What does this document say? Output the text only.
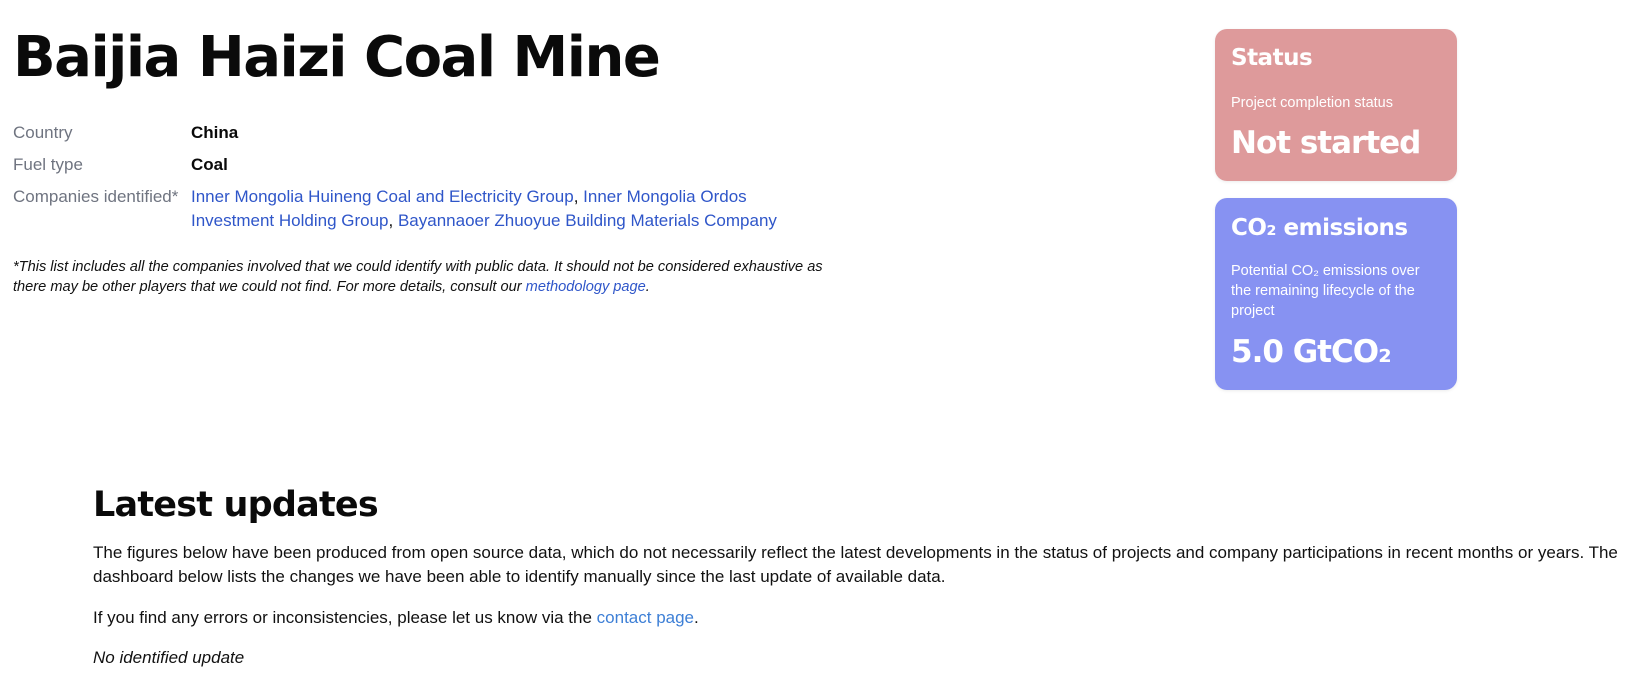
Baijia Haizi Coal Mine
Country	China
Fuel type	Coal
Companies identified* Inner Mongolia Huineng Coal and Electricity Group, Inner Mongolia Ordos Investment Holding Group, Bayannaoer Zhuoyue Building Materials Company
*This list includes all the companies involved that we could identify with public data. It should not be considered exhaustive as there may be other players that we could not find. For more details, consult our methodology page.
Status
Project completion status
Not started
CO₂ emissions
Potential CO₂ emissions over the remaining lifecycle of the project
5.0 GtCO₂
Latest updates

The figures below have been produced from open source data, which do not necessarily reflect the latest developments in the status of projects and company participations in recent months or years. The dashboard below lists the changes we have been able to identify manually since the last update of available data.

If you find any errors or inconsistencies, please let us know via the contact page.

No identified update
